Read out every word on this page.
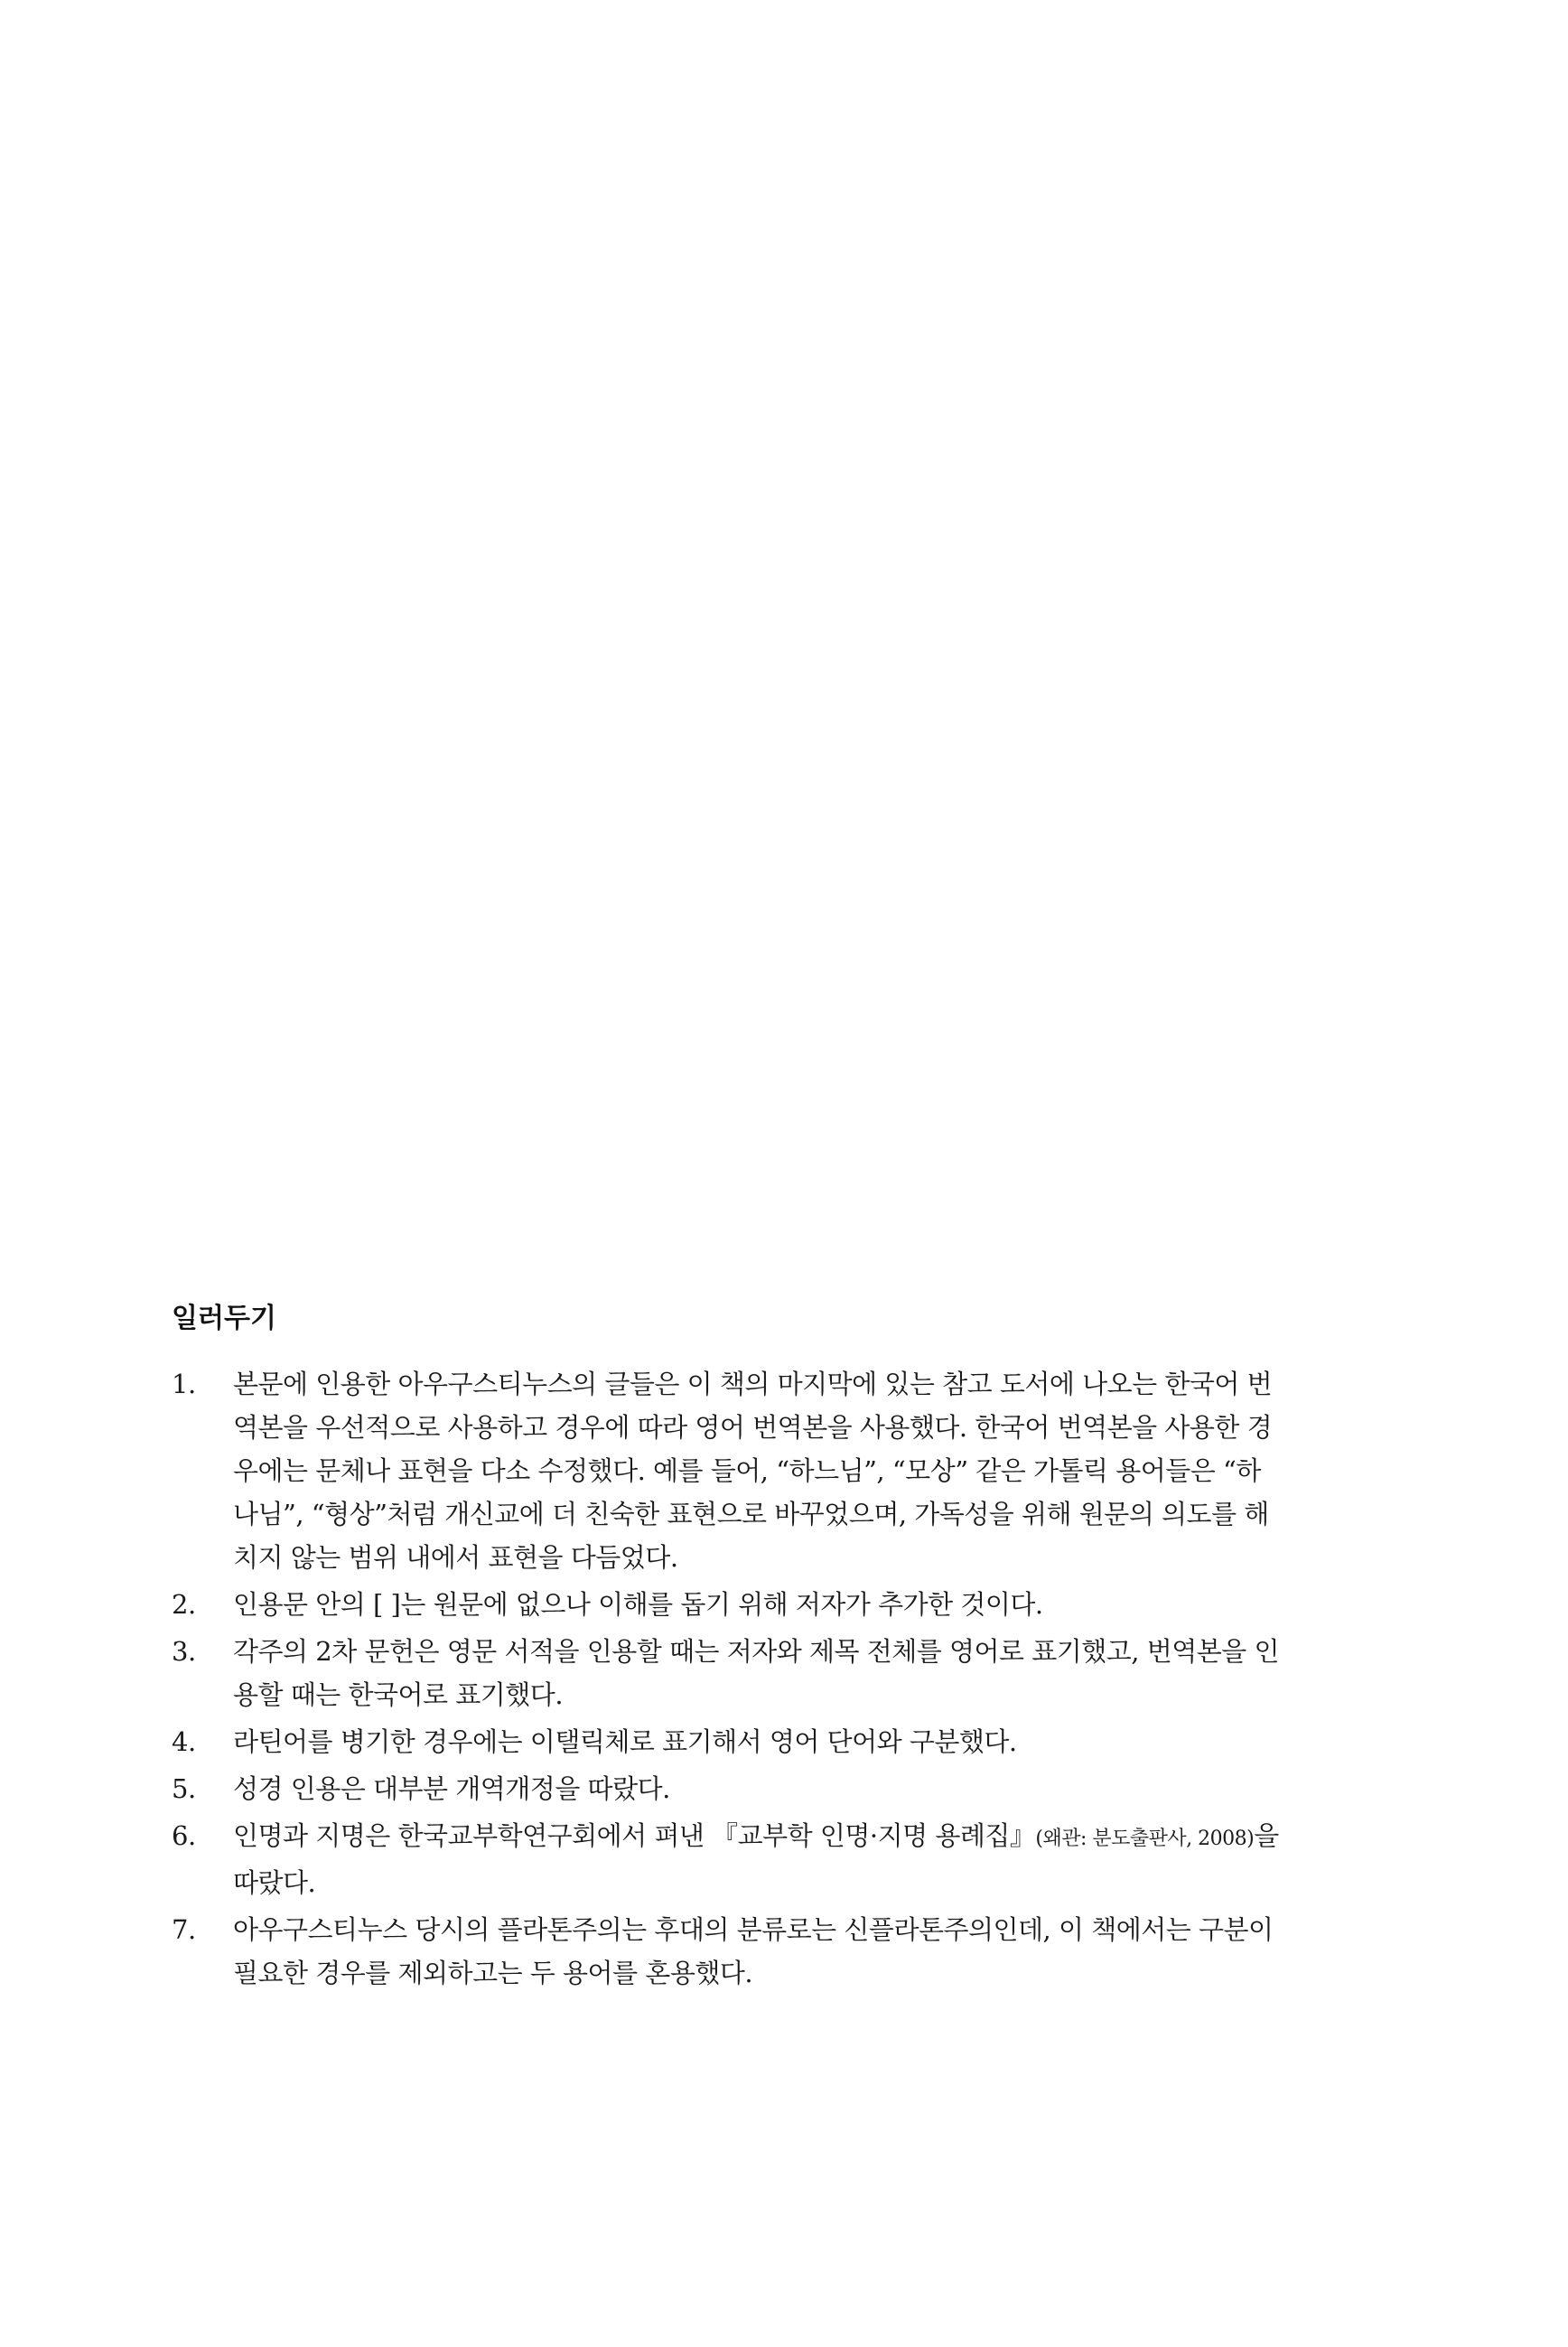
일러두기
1.	본문에 인용한 아우구스티누스의 글들은 이 책의 마지막에 있는 참고 도서에 나오는 한국어 번역본을 우선적으로 사용하고 경우에 따라 영어 번역본을 사용했다. 한국어 번역본을 사용한 경우에는 문체나 표현을 다소 수정했다. 예를 들어, “하느님”, “모상” 같은 가톨릭 용어들은 “하나님”, “형상”처럼 개신교에 더 친숙한 표현으로 바꾸었으며, 가독성을 위해 원문의 의도를 해치지 않는 범위 내에서 표현을 다듬었다.
2.	인용문 안의 [ ]는 원문에 없으나 이해를 돕기 위해 저자가 추가한 것이다.
3.	각주의 2차 문헌은 영문 서적을 인용할 때는 저자와 제목 전체를 영어로 표기했고, 번역본을 인용할 때는 한국어로 표기했다.
4.	라틴어를 병기한 경우에는 이탤릭체로 표기해서 영어 단어와 구분했다.
5.	성경 인용은 대부분 개역개정을 따랐다.
6.	인명과 지명은 한국교부학연구회에서 펴낸 『교부학 인명·지명 용례집』(왜관: 분도출판사, 2008)을 따랐다.
7.	아우구스티누스 당시의 플라톤주의는 후대의 분류로는 신플라톤주의인데, 이 책에서는 구분이 필요한 경우를 제외하고는 두 용어를 혼용했다.
